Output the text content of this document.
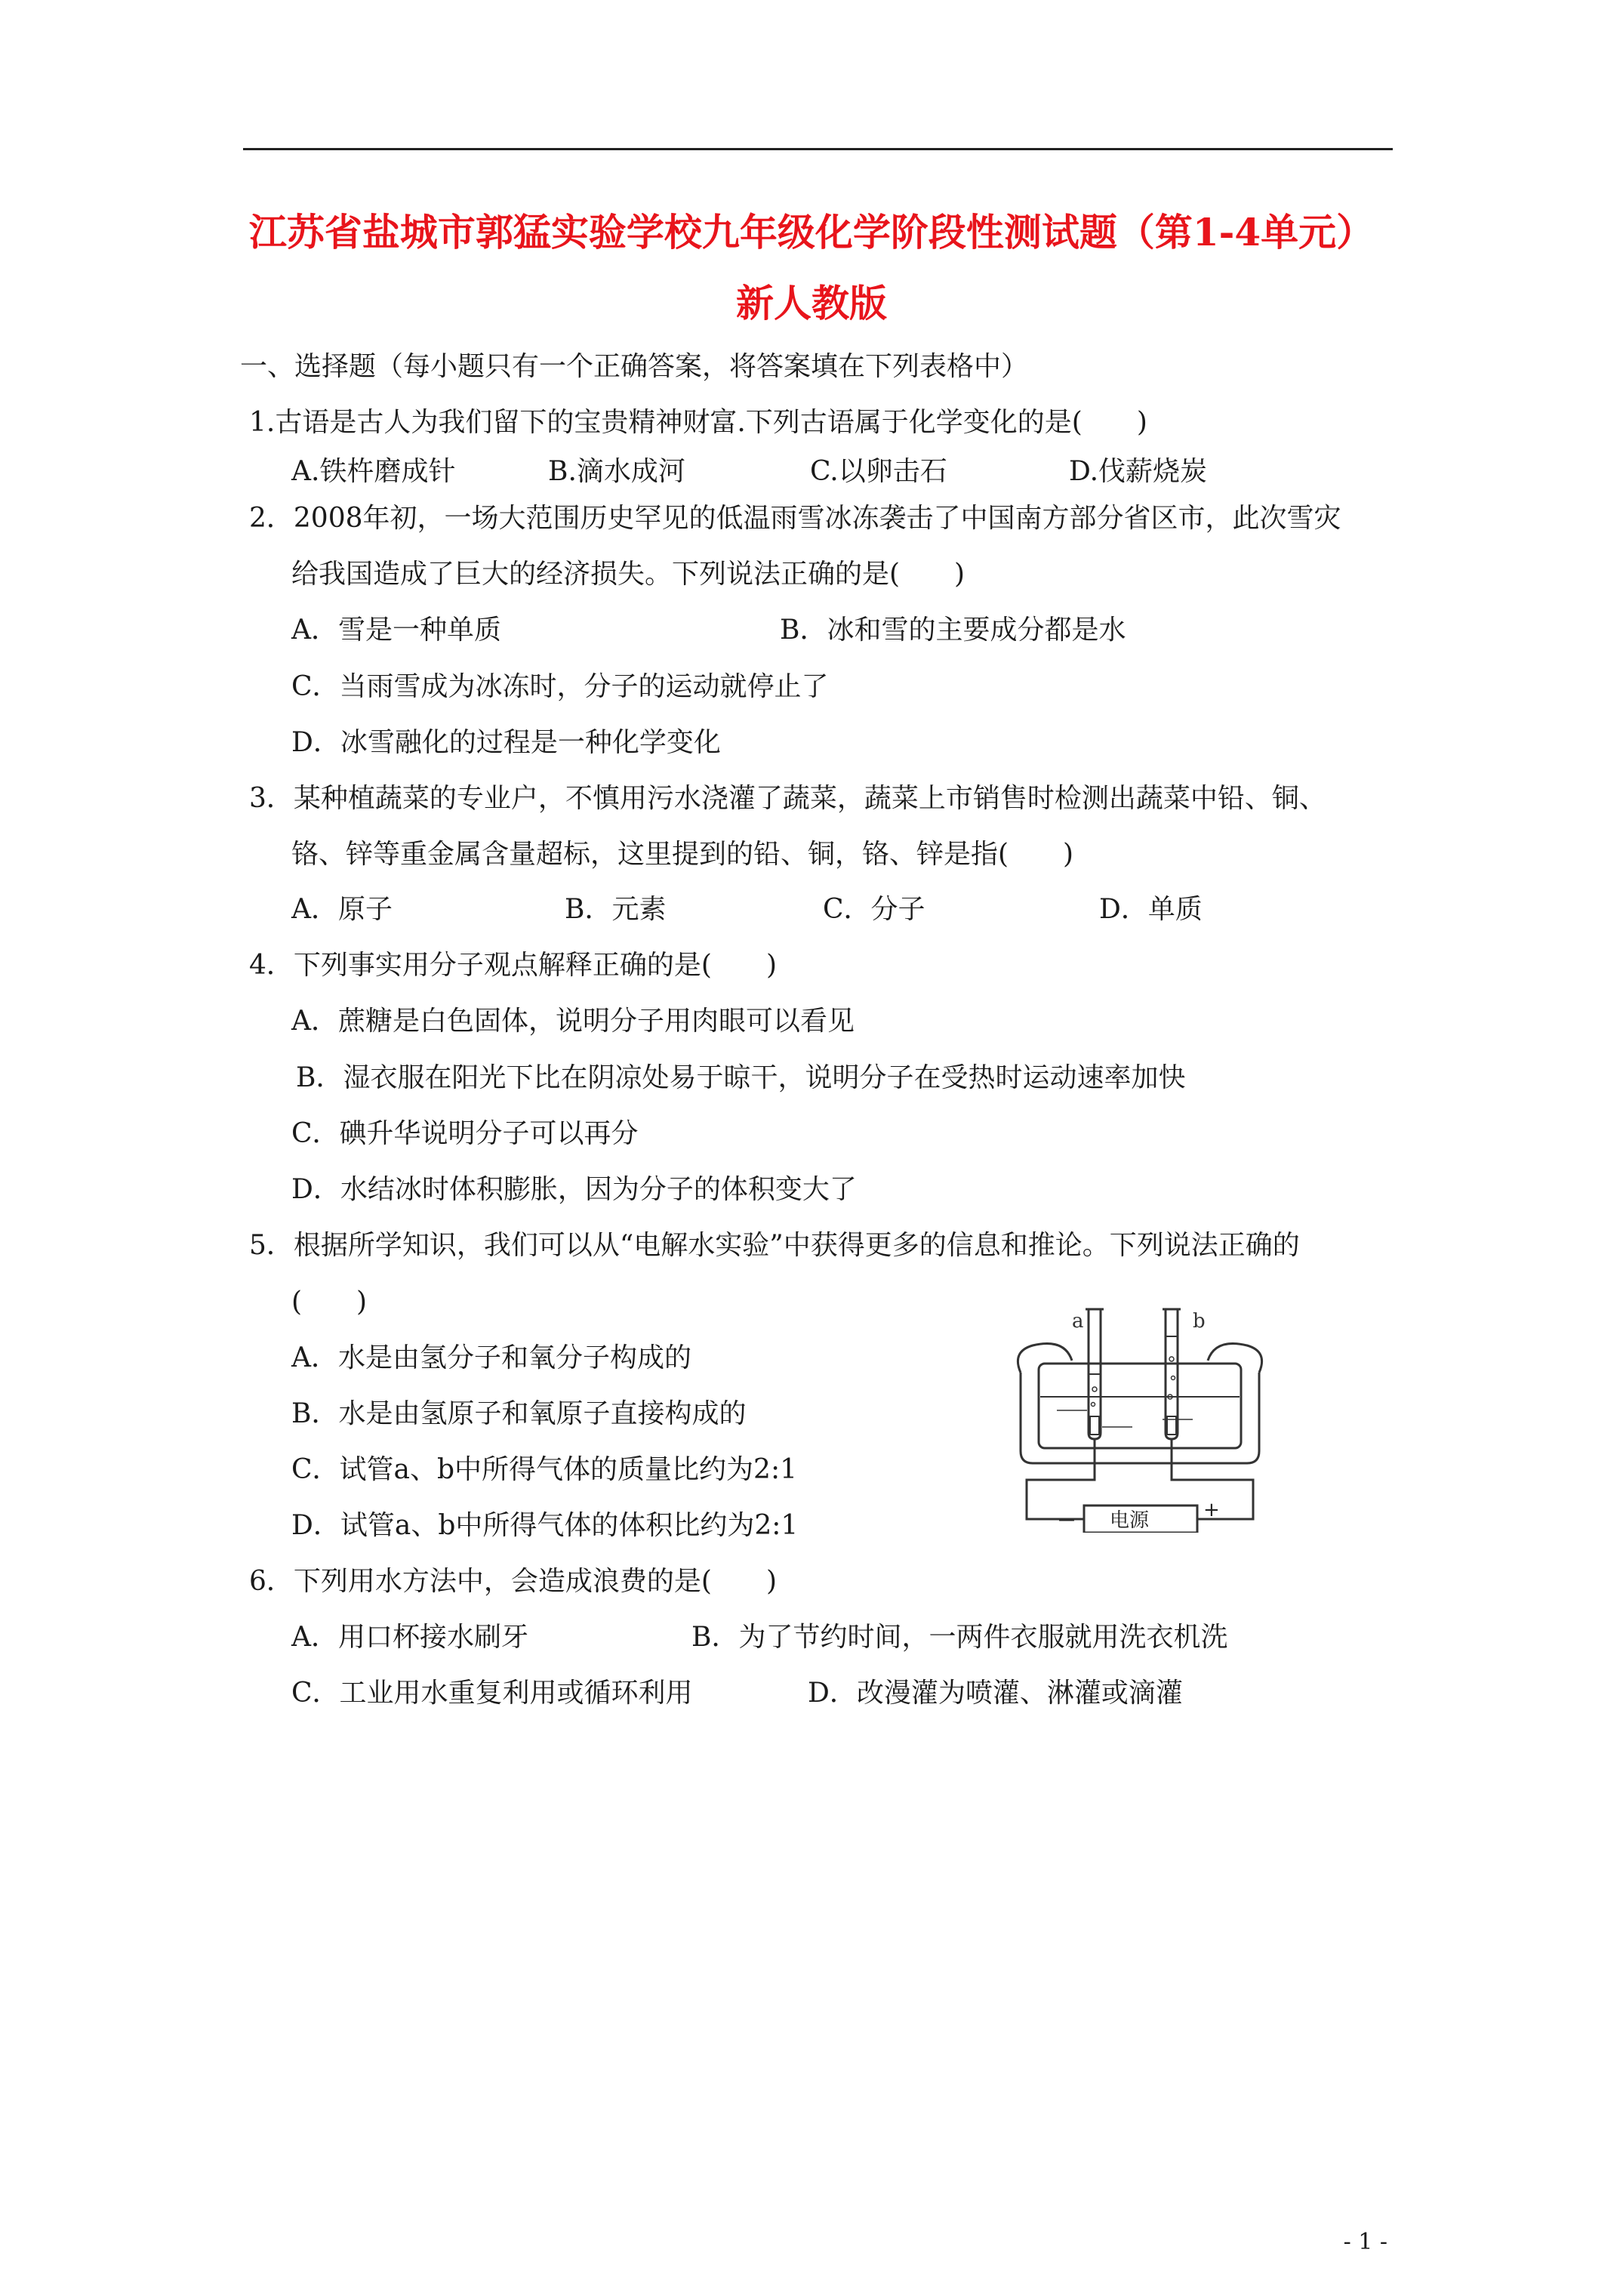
江苏省盐城市郭猛实验学校九年级化学阶段性测试题（第1-4单元）
新人教版
一、选择题（每小题只有一个正确答案，将答案填在下列表格中）
1.古语是古人为我们留下的宝贵精神财富.下列古语属于化学变化的是(　　)
A.铁杵磨成针	B.滴水成河	C.以卵击石	D.伐薪烧炭
2．2008年初，一场大范围历史罕见的低温雨雪冰冻袭击了中国南方部分省区市，此次雪灾
给我国造成了巨大的经济损失。下列说法正确的是(　　)
A．雪是一种单质	B．冰和雪的主要成分都是水
C．当雨雪成为冰冻时，分子的运动就停止了
D．冰雪融化的过程是一种化学变化
3．某种植蔬菜的专业户，不慎用污水浇灌了蔬菜，蔬菜上市销售时检测出蔬菜中铅、铜、
铬、锌等重金属含量超标，这里提到的铅、铜，铬、锌是指(　　)
A．原子	B．元素	C．分子	D．单质
4．下列事实用分子观点解释正确的是(　　)
A．蔗糖是白色固体，说明分子用肉眼可以看见
B．湿衣服在阳光下比在阴凉处易于晾干，说明分子在受热时运动速率加快
C．碘升华说明分子可以再分
D．水结冰时体积膨胀，因为分子的体积变大了
5．根据所学知识，我们可以从“电解水实验”中获得更多的信息和推论。下列说法正确的
(　　)
A．水是由氢分子和氧分子构成的
B．水是由氢原子和氧原子直接构成的
C．试管a、b中所得气体的质量比约为2:1
D．试管a、b中所得气体的体积比约为2:1
a	b
电源
—	+
6．下列用水方法中，会造成浪费的是(　　)
A．用口杯接水刷牙	B．为了节约时间，一两件衣服就用洗衣机洗
C．工业用水重复利用或循环利用	D．改漫灌为喷灌、淋灌或滴灌
- 1 -
